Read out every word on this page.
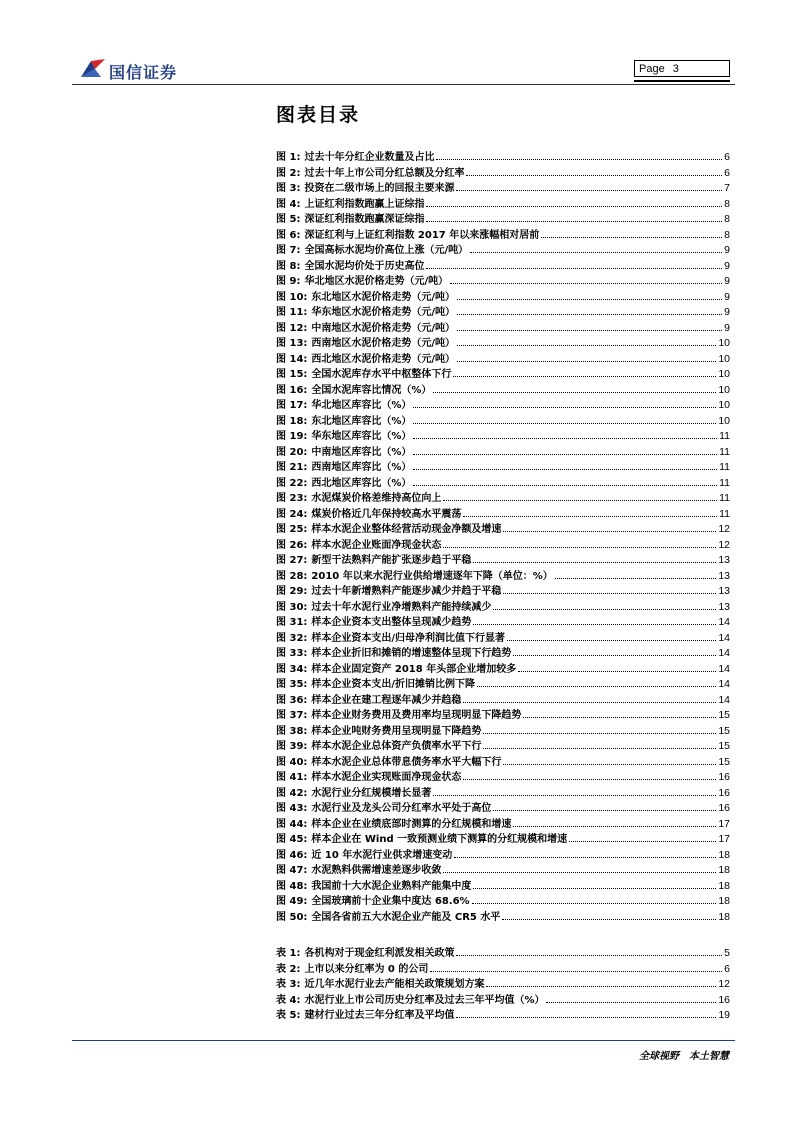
国信证券	Page 3
图表目录
图 1: 过去十年分红企业数量及占比	6
图 2: 过去十年上市公司分红总额及分红率	6
图 3: 投资在二级市场上的回报主要来源	7
图 4: 上证红利指数跑赢上证综指	8
图 5: 深证红利指数跑赢深证综指	8
图 6: 深证红利与上证红利指数 2017 年以来涨幅相对居前	8
图 7: 全国高标水泥均价高位上涨（元/吨）	9
图 8: 全国水泥均价处于历史高位	9
图 9: 华北地区水泥价格走势（元/吨）	9
图 10: 东北地区水泥价格走势（元/吨）	9
图 11: 华东地区水泥价格走势（元/吨）	9
图 12: 中南地区水泥价格走势（元/吨）	9
图 13: 西南地区水泥价格走势（元/吨）	10
图 14: 西北地区水泥价格走势（元/吨）	10
图 15: 全国水泥库存水平中枢整体下行	10
图 16: 全国水泥库容比情况（%）	10
图 17: 华北地区库容比（%）	10
图 18: 东北地区库容比（%）	10
图 19: 华东地区库容比（%）	11
图 20: 中南地区库容比（%）	11
图 21: 西南地区库容比（%）	11
图 22: 西北地区库容比（%）	11
图 23: 水泥煤炭价格差维持高位向上	11
图 24: 煤炭价格近几年保持较高水平震荡	11
图 25: 样本水泥企业整体经营活动现金净额及增速	12
图 26: 样本水泥企业账面净现金状态	12
图 27: 新型干法熟料产能扩张逐步趋于平稳	13
图 28: 2010 年以来水泥行业供给增速逐年下降（单位：%）	13
图 29: 过去十年新增熟料产能逐步减少并趋于平稳	13
图 30: 过去十年水泥行业净增熟料产能持续减少	13
图 31: 样本企业资本支出整体呈现减少趋势	14
图 32: 样本企业资本支出/归母净利润比值下行显著	14
图 33: 样本企业折旧和摊销的增速整体呈现下行趋势	14
图 34: 样本企业固定资产 2018 年头部企业增加较多	14
图 35: 样本企业资本支出/折旧摊销比例下降	14
图 36: 样本企业在建工程逐年减少并趋稳	14
图 37: 样本企业财务费用及费用率均呈现明显下降趋势	15
图 38: 样本企业吨财务费用呈现明显下降趋势	15
图 39: 样本水泥企业总体资产负债率水平下行	15
图 40: 样本水泥企业总体带息债务率水平大幅下行	15
图 41: 样本水泥企业实现账面净现金状态	16
图 42: 水泥行业分红规模增长显著	16
图 43: 水泥行业及龙头公司分红率水平处于高位	16
图 44: 样本企业在业绩底部时测算的分红规模和增速	17
图 45: 样本企业在 Wind 一致预测业绩下测算的分红规模和增速	17
图 46: 近 10 年水泥行业供求增速变动	18
图 47: 水泥熟料供需增速差逐步收敛	18
图 48: 我国前十大水泥企业熟料产能集中度	18
图 49: 全国玻璃前十企业集中度达 68.6%	18
图 50: 全国各省前五大水泥企业产能及 CR5 水平	18
表 1: 各机构对于现金红利派发相关政策	5
表 2: 上市以来分红率为 0 的公司	6
表 3: 近几年水泥行业去产能相关政策规划方案	12
表 4: 水泥行业上市公司历史分红率及过去三年平均值（%）	16
表 5: 建材行业过去三年分红率及平均值	19
全球视野 本土智慧
